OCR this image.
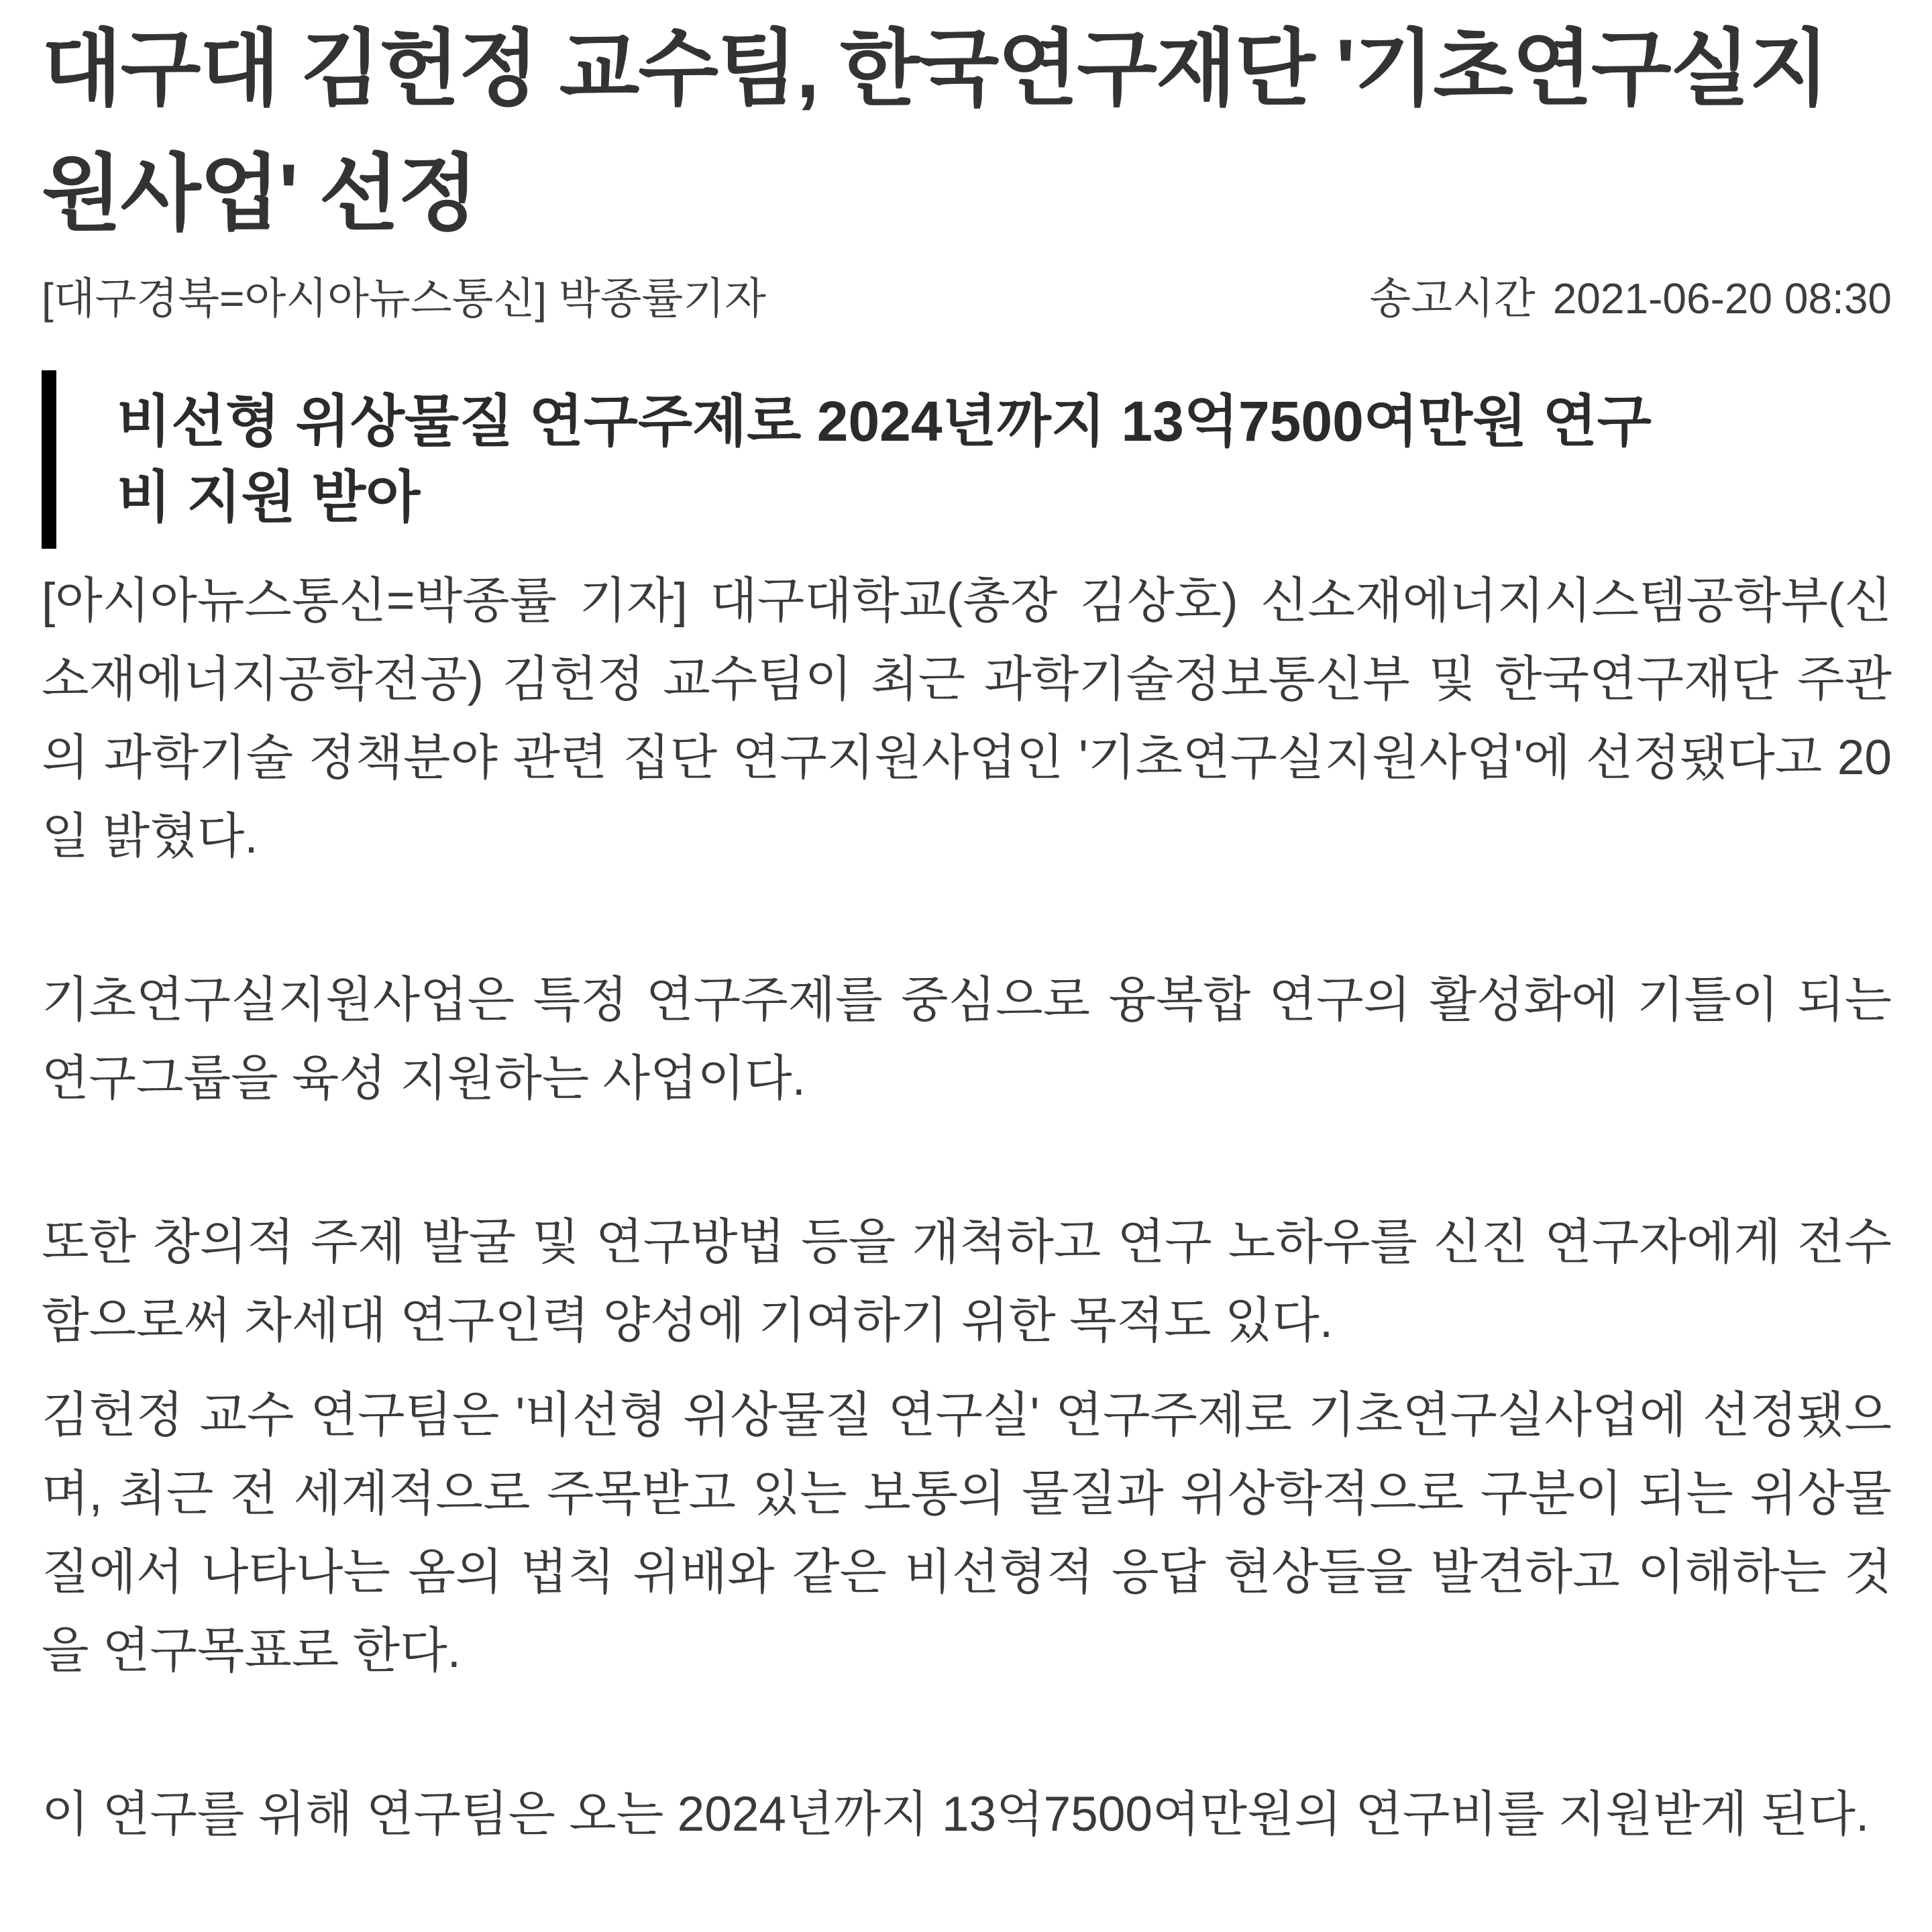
대구대 김헌정 교수팀, 한국연구재단 '기초연구실지원사업' 선정
[대구경북=아시아뉴스통신] 박종률기자	송고시간 2021-06-20 08:30
비선형 위상물질 연구주제로 2024년까지 13억7500여만원 연구비 지원 받아

[아시아뉴스통신=박종률 기자] 대구대학교(총장 김상호) 신소재에너지시스템공학부(신소재에너지공학전공) 김헌정 교수팀이 최근 과학기술정보통신부 및 한국연구재단 주관의 과학기술 정책분야 관련 집단 연구지원사업인 '기초연구실지원사업'에 선정됐다고 20일 밝혔다.

기초연구실지원사업은 특정 연구주제를 중심으로 융복합 연구의 활성화에 기틀이 되는 연구그룹을 육성 지원하는 사업이다.

또한 창의적 주제 발굴 및 연구방법 등을 개척하고 연구 노하우를 신진 연구자에게 전수함으로써 차세대 연구인력 양성에 기여하기 위한 목적도 있다.

김헌정 교수 연구팀은 '비선형 위상물질 연구실' 연구주제로 기초연구실사업에 선정됐으며, 최근 전 세계적으로 주목받고 있는 보통의 물질과 위상학적으로 구분이 되는 위상물질에서 나타나는 옴의 법칙 위배와 같은 비선형적 응답 현상들을 발견하고 이해하는 것을 연구목표로 한다.

이 연구를 위해 연구팀은 오는 2024년까지 13억7500여만원의 연구비를 지원받게 된다.
